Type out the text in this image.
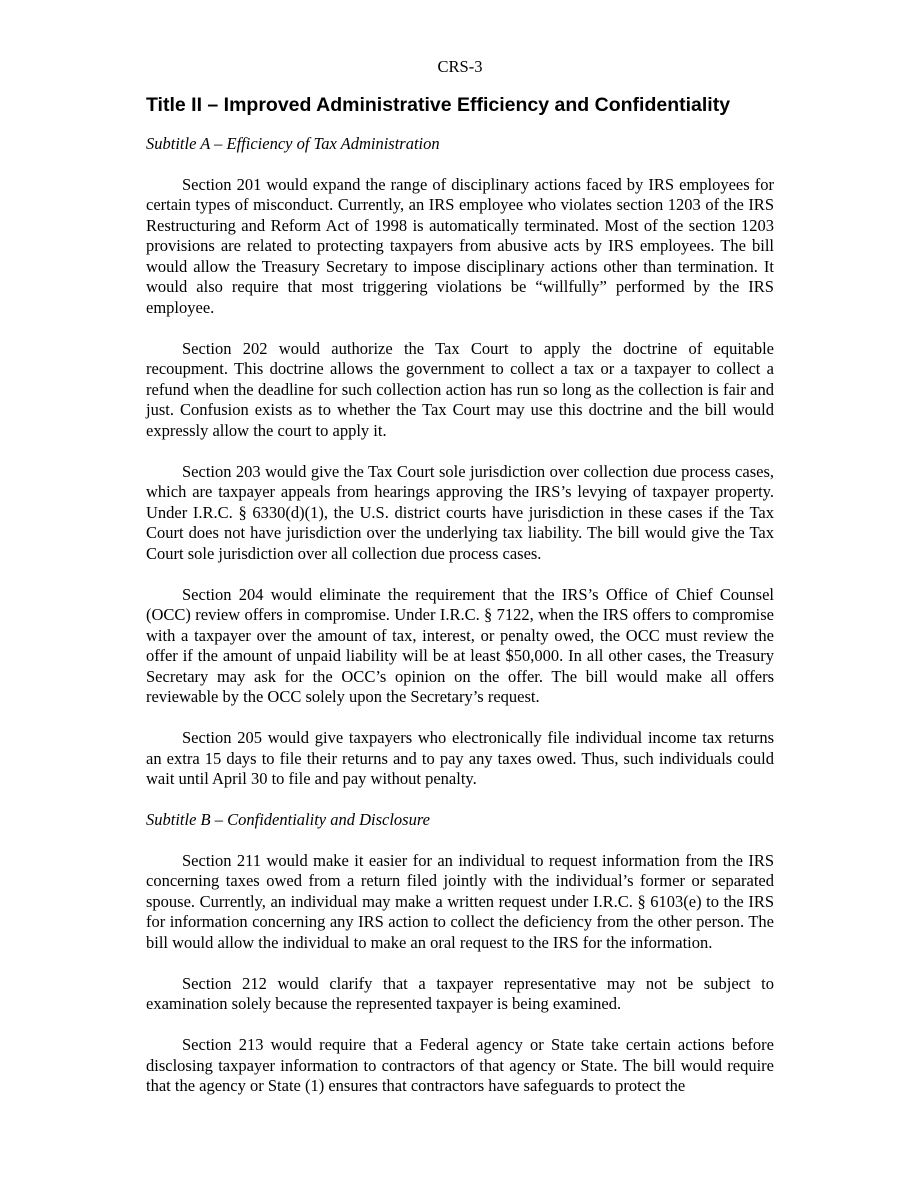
CRS-3
Title II – Improved Administrative Efficiency and Confidentiality
Subtitle A – Efficiency of Tax Administration

Section 201 would expand the range of disciplinary actions faced by IRS employees for certain types of misconduct. Currently, an IRS employee who violates section 1203 of the IRS Restructuring and Reform Act of 1998 is automatically terminated. Most of the section 1203 provisions are related to protecting taxpayers from abusive acts by IRS employees. The bill would allow the Treasury Secretary to impose disciplinary actions other than termination. It would also require that most triggering violations be “willfully” performed by the IRS employee.

Section 202 would authorize the Tax Court to apply the doctrine of equitable recoupment. This doctrine allows the government to collect a tax or a taxpayer to collect a refund when the deadline for such collection action has run so long as the collection is fair and just. Confusion exists as to whether the Tax Court may use this doctrine and the bill would expressly allow the court to apply it.

Section 203 would give the Tax Court sole jurisdiction over collection due process cases, which are taxpayer appeals from hearings approving the IRS’s levying of taxpayer property. Under I.R.C. § 6330(d)(1), the U.S. district courts have jurisdiction in these cases if the Tax Court does not have jurisdiction over the underlying tax liability. The bill would give the Tax Court sole jurisdiction over all collection due process cases.

Section 204 would eliminate the requirement that the IRS’s Office of Chief Counsel (OCC) review offers in compromise. Under I.R.C. § 7122, when the IRS offers to compromise with a taxpayer over the amount of tax, interest, or penalty owed, the OCC must review the offer if the amount of unpaid liability will be at least $50,000. In all other cases, the Treasury Secretary may ask for the OCC’s opinion on the offer. The bill would make all offers reviewable by the OCC solely upon the Secretary’s request.

Section 205 would give taxpayers who electronically file individual income tax returns an extra 15 days to file their returns and to pay any taxes owed. Thus, such individuals could wait until April 30 to file and pay without penalty.

Subtitle B – Confidentiality and Disclosure

Section 211 would make it easier for an individual to request information from the IRS concerning taxes owed from a return filed jointly with the individual’s former or separated spouse. Currently, an individual may make a written request under I.R.C. § 6103(e) to the IRS for information concerning any IRS action to collect the deficiency from the other person. The bill would allow the individual to make an oral request to the IRS for the information.

Section 212 would clarify that a taxpayer representative may not be subject to examination solely because the represented taxpayer is being examined.

Section 213 would require that a Federal agency or State take certain actions before disclosing taxpayer information to contractors of that agency or State. The bill would require that the agency or State (1) ensures that contractors have safeguards to protect the
